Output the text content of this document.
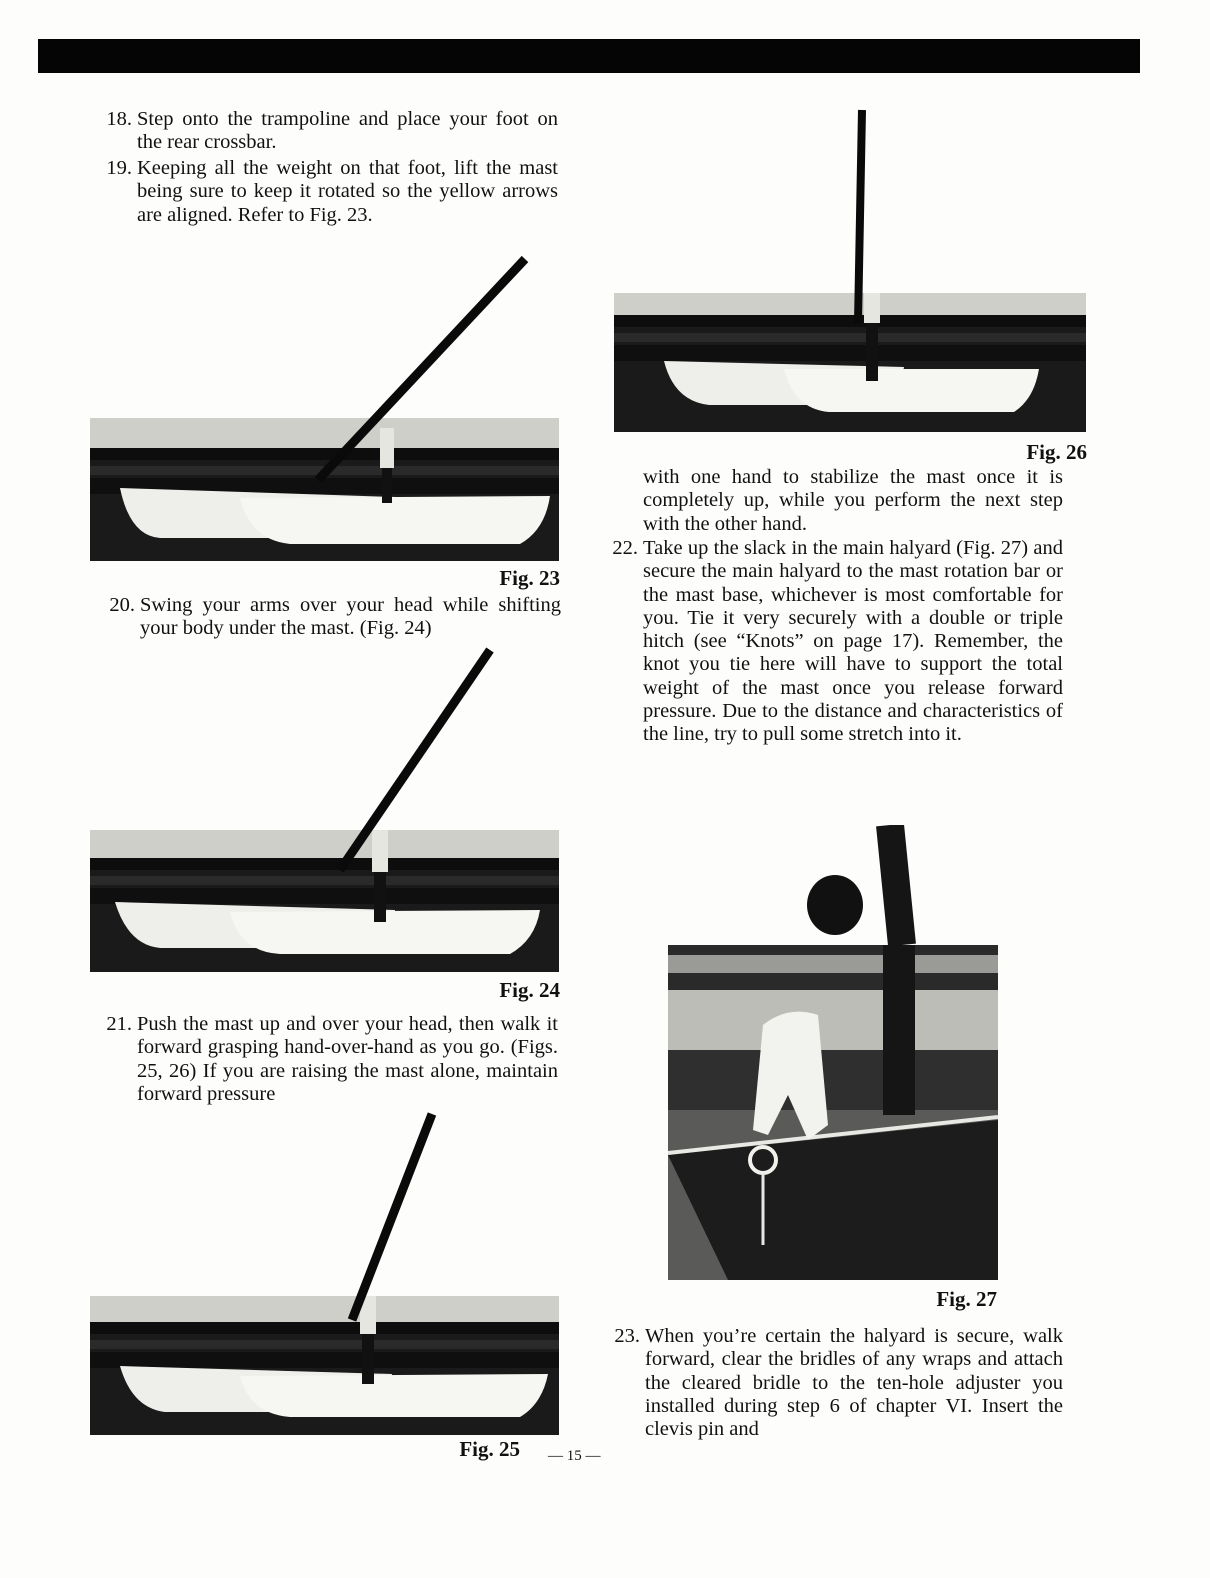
18. Step onto the trampoline and place your foot on the rear crossbar.
19. Keeping all the weight on that foot, lift the mast being sure to keep it rotated so the yellow arrows are aligned. Refer to Fig. 23.
Fig. 23
20. Swing your arms over your head while shifting your body under the mast. (Fig. 24)
Fig. 24
21. Push the mast up and over your head, then walk it forward grasping hand-over-hand as you go. (Figs. 25, 26) If you are raising the mast alone, maintain forward pressure
Fig. 25 — 15 —
Fig. 26
with one hand to stabilize the mast once it is completely up, while you perform the next step with the other hand.
22. Take up the slack in the main halyard (Fig. 27) and secure the main halyard to the mast rotation bar or the mast base, whichever is most comfortable for you. Tie it very securely with a double or triple hitch (see “Knots” on page 17). Remember, the knot you tie here will have to support the total weight of the mast once you release forward pressure. Due to the distance and characteristics of the line, try to pull some stretch into it.
Fig. 27
23. When you’re certain the halyard is secure, walk forward, clear the bridles of any wraps and attach the cleared bridle to the ten-hole adjuster you installed during step 6 of chapter VI. Insert the clevis pin and
